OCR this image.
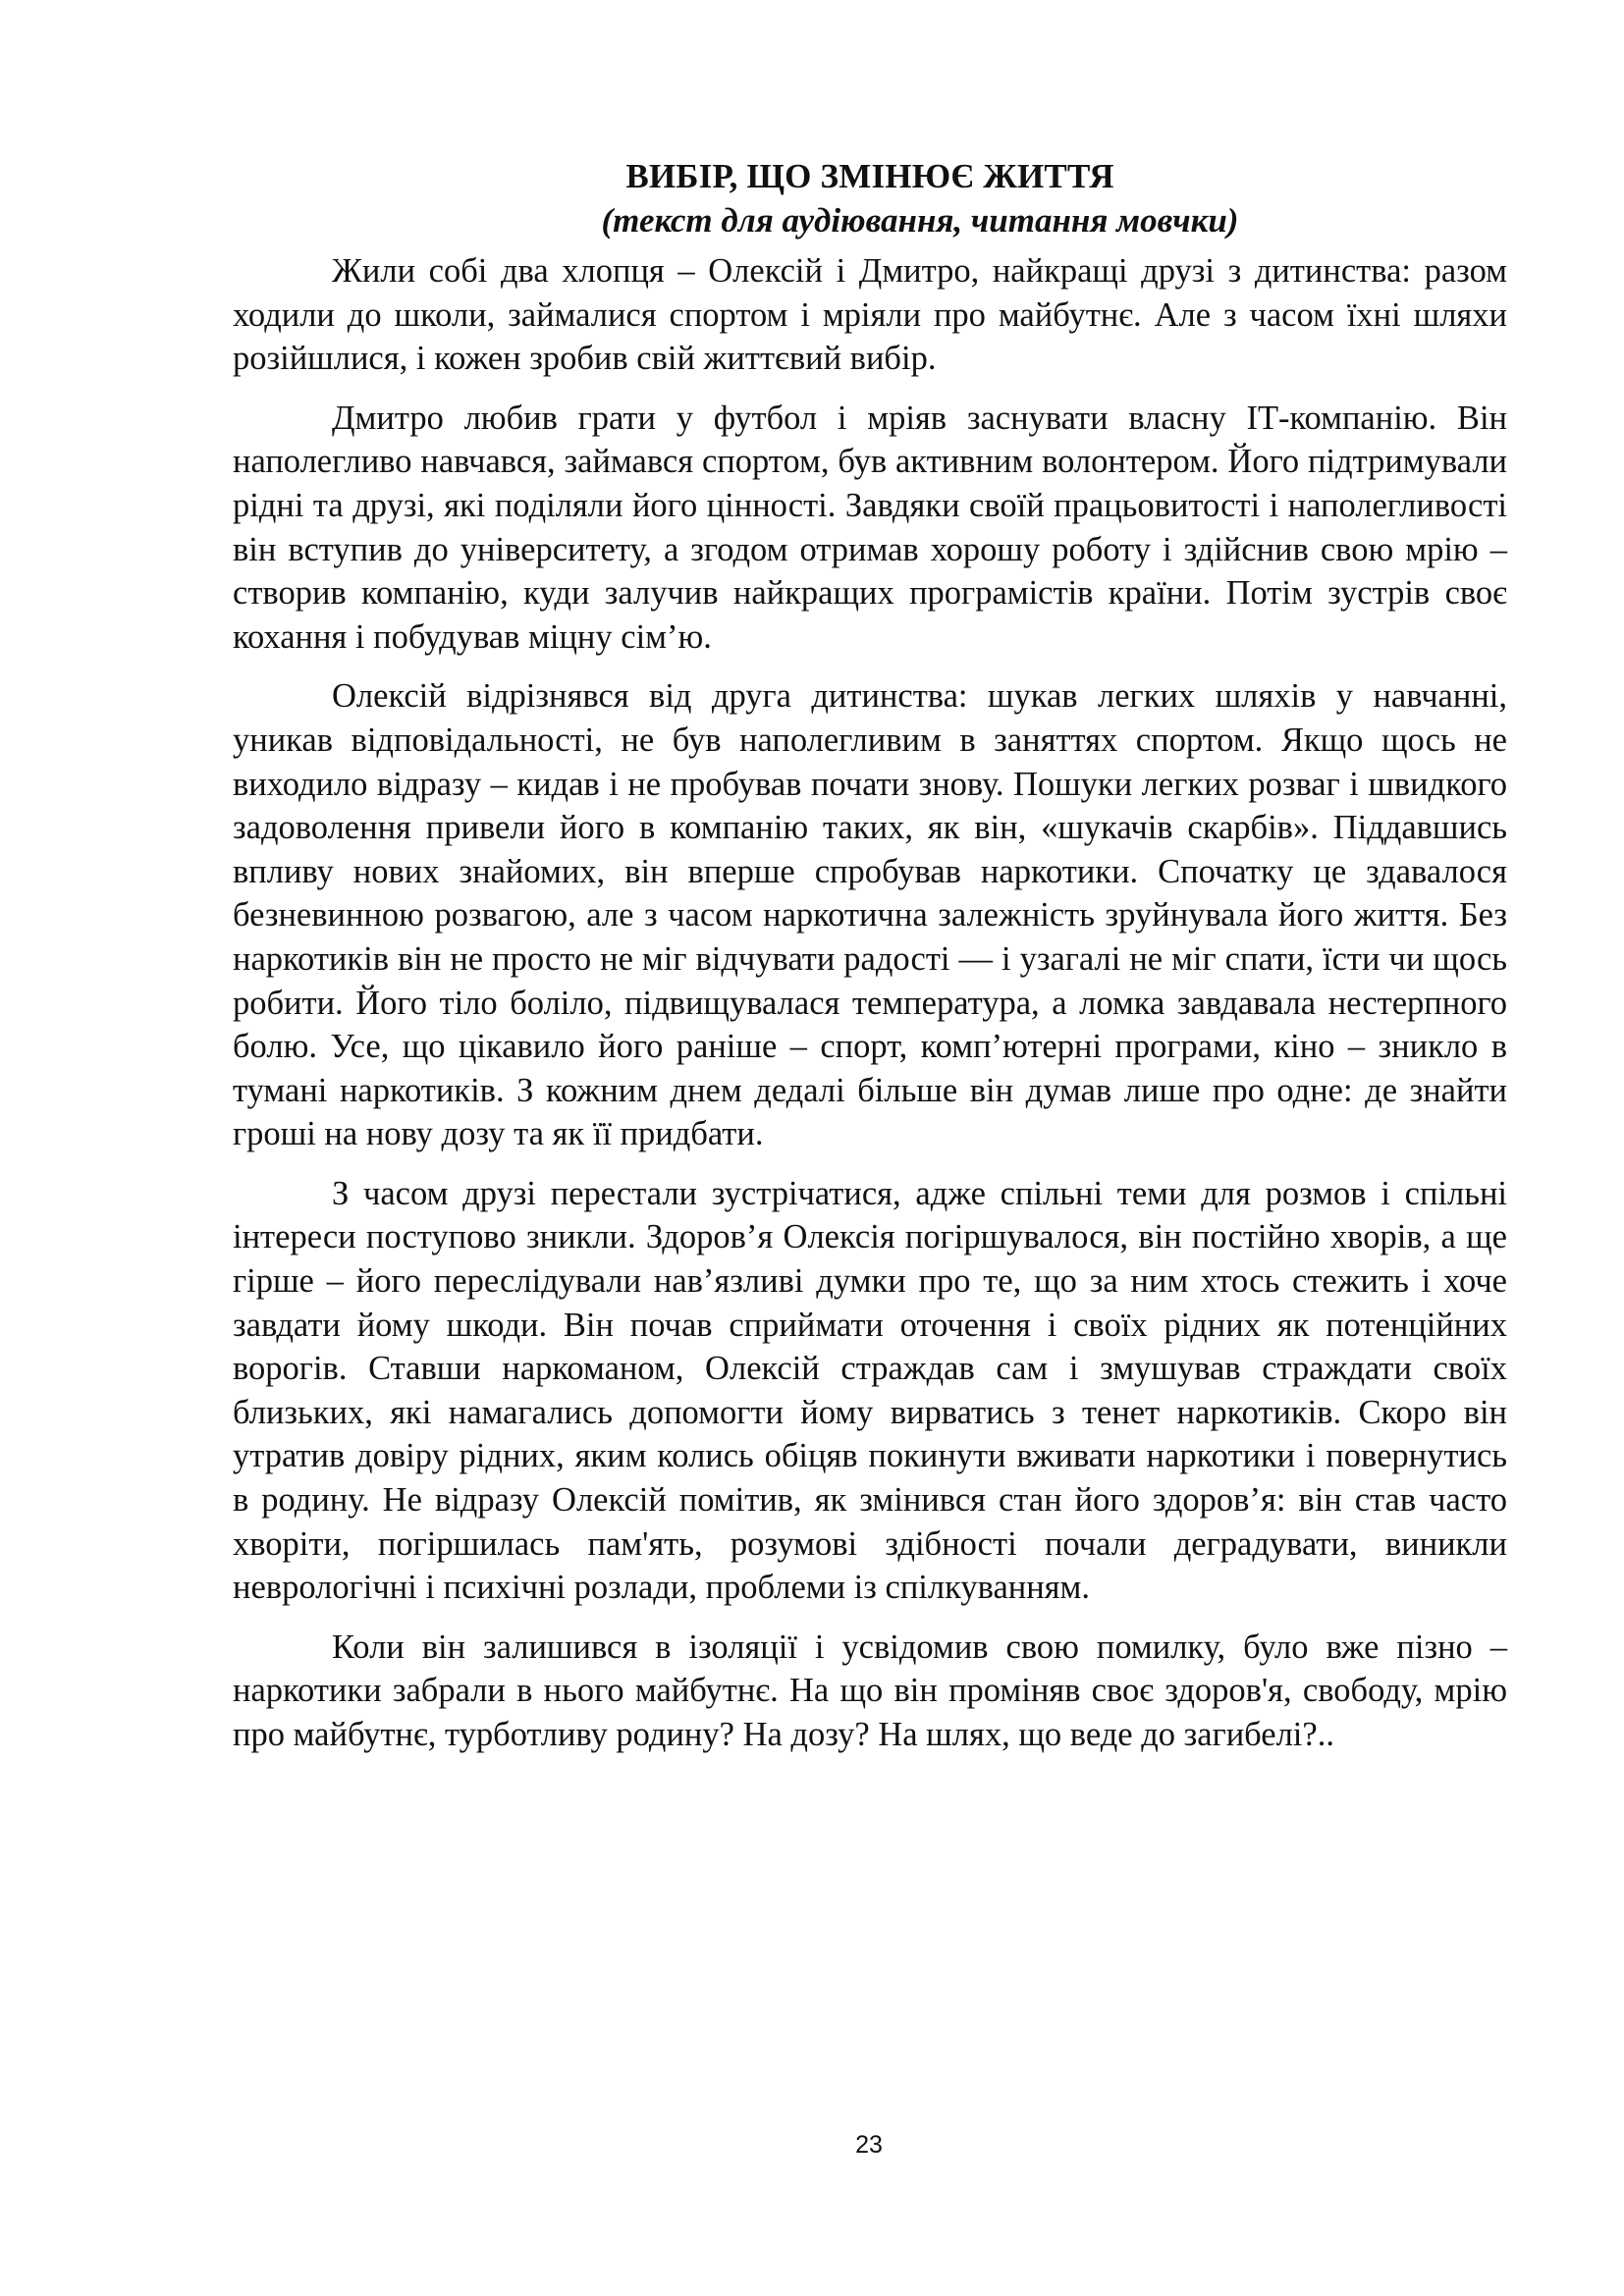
ВИБІР, ЩО ЗМІНЮЄ ЖИТТЯ
(текст для аудіювання, читання мовчки)

Жили собі два хлопця – Олексій і Дмитро, найкращі друзі з дитинства: разом ходили до школи, займалися спортом і мріяли про майбутнє. Але з часом їхні шляхи розійшлися, і кожен зробив свій життєвий вибір.

Дмитро любив грати у футбол і мріяв заснувати власну ІТ-компанію. Він наполегливо навчався, займався спортом, був активним волонтером. Його підтримували рідні та друзі, які поділяли його цінності. Завдяки своїй працьовитості і наполегливості він вступив до університету, а згодом отримав хорошу роботу і здійснив свою мрію – створив компанію, куди залучив найкращих програмістів країни. Потім зустрів своє кохання і побудував міцну сім’ю.

Олексій відрізнявся від друга дитинства: шукав легких шляхів у навчанні, уникав відповідальності, не був наполегливим в заняттях спортом. Якщо щось не виходило відразу – кидав і не пробував почати знову. Пошуки легких розваг і швидкого задоволення привели його в компанію таких, як він, «шукачів скарбів». Піддавшись впливу нових знайомих, він вперше спробував наркотики. Спочатку це здавалося безневинною розвагою, але з часом наркотична залежність зруйнувала його життя. Без наркотиків він не просто не міг відчувати радості — і узагалі не міг спати, їсти чи щось робити. Його тіло боліло, підвищувалася температура, а ломка завдавала нестерпного болю. Усе, що цікавило його раніше – спорт, комп’ютерні програми, кіно – зникло в тумані наркотиків. З кожним днем дедалі більше він думав лише про одне: де знайти гроші на нову дозу та як її придбати.

З часом друзі перестали зустрічатися, адже спільні теми для розмов і спільні інтереси поступово зникли. Здоров’я Олексія погіршувалося, він постійно хворів, а ще гірше – його переслідували нав’язливі думки про те, що за ним хтось стежить і хоче завдати йому шкоди. Він почав сприймати оточення і своїх рідних як потенційних ворогів. Ставши наркоманом, Олексій страждав сам і змушував страждати своїх близьких, які намагались допомогти йому вирватись з тенет наркотиків. Скоро він утратив довіру рідних, яким колись обіцяв покинути вживати наркотики і повернутись в родину. Не відразу Олексій помітив, як змінився стан його здоров’я: він став часто хворіти, погіршилась пам'ять, розумові здібності почали деградувати, виникли неврологічні і психічні розлади, проблеми із спілкуванням.

Коли він залишився в ізоляції і усвідомив свою помилку, було вже пізно – наркотики забрали в нього майбутнє. На що він проміняв своє здоров'я, свободу, мрію про майбутнє, турботливу родину? На дозу? На шлях, що веде до загибелі?..

23
